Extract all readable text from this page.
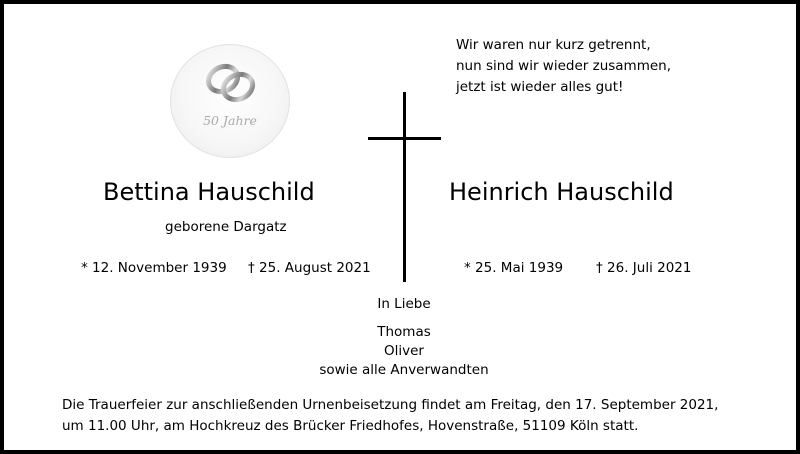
50 Jahre
Wir waren nur kurz getrennt,
nun sind wir wieder zusammen,
jetzt ist wieder alles gut!
Bettina Hauschild	Heinrich Hauschild
geborene Dargatz
* 12. November 1939 † 25. August 2021	* 25. Mai 1939 † 26. Juli 2021
In Liebe
Thomas
Oliver
sowie alle Anverwandten
Die Trauerfeier zur anschließenden Urnenbeisetzung findet am Freitag, den 17. September 2021,
um 11.00 Uhr, am Hochkreuz des Brücker Friedhofes, Hovenstraße, 51109 Köln statt.
